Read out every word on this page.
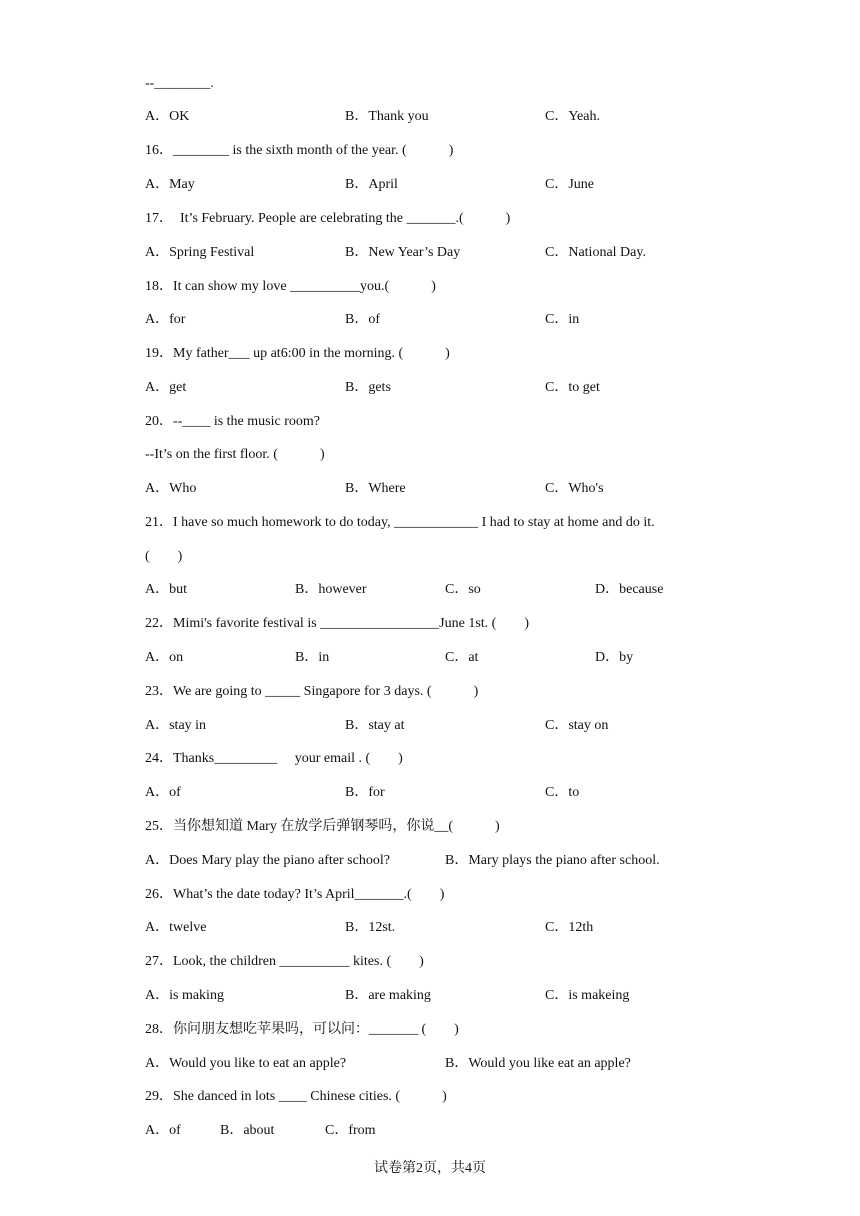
--________.
A．OK	B．Thank you	C．Yeah.
16．________ is the sixth month of the year. (　　　)
A．May	B．April	C．June
17．　It’s February. People are celebrating the _______.(　　　)
A．Spring Festival	B．New Year’s Day	C．National Day.
18．It can show my love __________you.(　　　)
A．for	B．of	C．in
19．My father___ up at6:00 in the morning. (　　　)
A．get	B．gets	C．to get
20．--____ is the music room?
--It’s on the first floor. (　　　)
A．Who	B．Where	C．Who's
21．I have so much homework to do today, ____________ I had to stay at home and do it.
(　　)
A．but	B．however	C．so	D．because
22．Mimi's favorite festival is _________________June 1st. (　　)
A．on	B．in	C．at	D．by
23．We are going to _____ Singapore for 3 days. (　　　)
A．stay in	B．stay at	C．stay on
24．Thanks_________　 your email . (　　)
A．of	B．for	C．to
25．当你想知道 Mary 在放学后弹钢琴吗，你说__(　　　)
A．Does Mary play the piano after school?	B．Mary plays the piano after school.
26．What’s the date today? It’s April_______.(　　)
A．twelve	B．12st.	C．12th
27．Look, the children __________ kites. (　　)
A．is making	B．are making	C．is makeing
28．你问朋友想吃苹果吗，可以问：_______ (　　)
A．Would you like to eat an apple?	B．Would you like eat an apple?
29．She danced in lots ____ Chinese cities. (　　　)
A．of	B．about	C．from
试卷第2页，共4页
